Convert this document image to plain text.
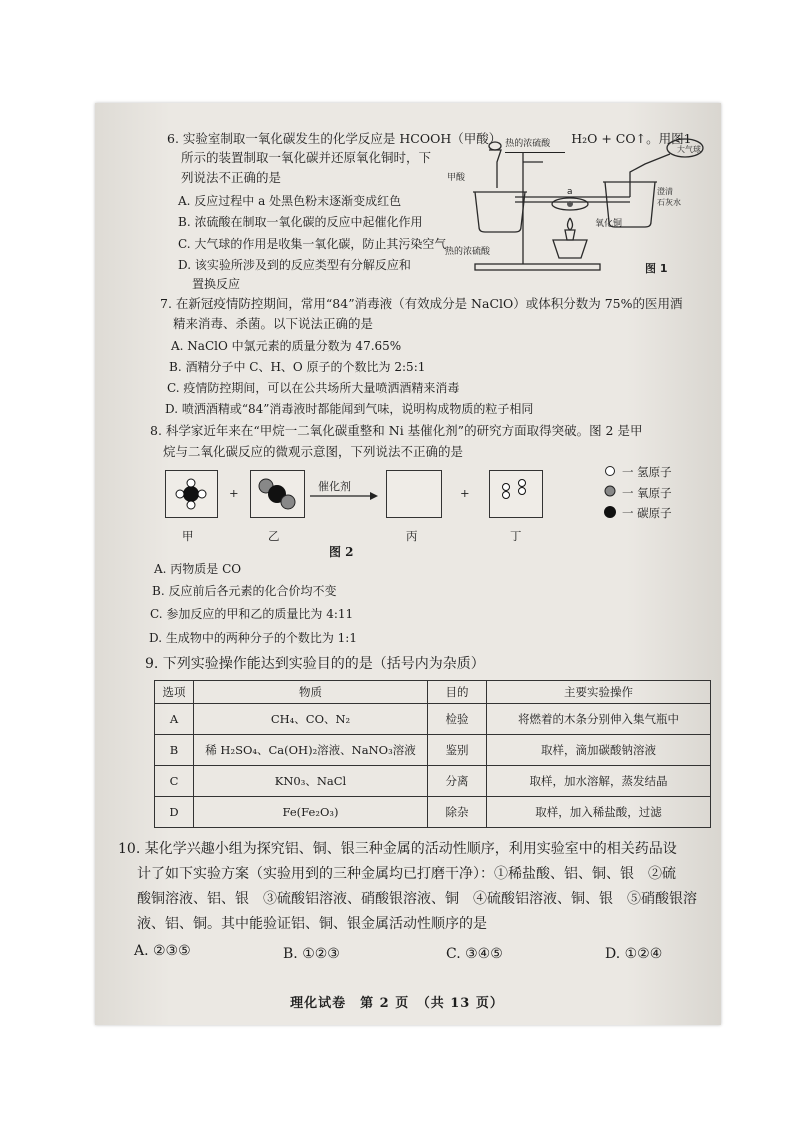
6. 实验室制取一氧化碳发生的化学反应是 HCOOH（甲酸） 热的浓硫酸 H₂O + CO↑。用图1
所示的装置制取一氧化碳并还原氧化铜时，下
列说法不正确的是
A. 反应过程中 a 处黑色粉末逐渐变成红色
B. 浓硫酸在制取一氧化碳的反应中起催化作用
C. 大气球的作用是收集一氧化碳，防止其污染空气
D. 该实验所涉及到的反应类型有分解反应和
置换反应
甲酸
大气球
澄清
石灰水
a
氧化铜
热的浓硫酸
图 1
7. 在新冠疫情防控期间，常用“84”消毒液（有效成分是 NaClO）或体积分数为 75%的医用酒
精来消毒、杀菌。以下说法正确的是
A. NaClO 中氯元素的质量分数为 47.65%
B. 酒精分子中 C、H、O 原子的个数比为 2:5:1
C. 疫情防控期间，可以在公共场所大量喷洒酒精来消毒
D. 喷洒酒精或“84”消毒液时都能闻到气味，说明构成物质的粒子相同
8. 科学家近年来在“甲烷一二氧化碳重整和 Ni 基催化剂”的研究方面取得突破。图 2 是甲
烷与二氧化碳反应的微观示意图，下列说法不正确的是
+	催化剂	+
一 氢原子
一 氧原子
一 碳原子
甲	乙	丙	丁
图 2
A. 丙物质是 CO
B. 反应前后各元素的化合价均不变
C. 参加反应的甲和乙的质量比为 4:11
D. 生成物中的两种分子的个数比为 1:1
9. 下列实验操作能达到实验目的的是（括号内为杂质）
选项	物质	目的	主要实验操作
A	CH₄、CO、N₂	检验	将燃着的木条分别伸入集气瓶中
B	稀 H₂SO₄、Ca(OH)₂溶液、NaNO₃溶液	鉴别	取样，滴加碳酸钠溶液
C	KN0₃、NaCl	分离	取样，加水溶解，蒸发结晶
D	Fe(Fe₂O₃)	除杂	取样，加入稀盐酸，过滤
10. 某化学兴趣小组为探究铝、铜、银三种金属的活动性顺序，利用实验室中的相关药品设
计了如下实验方案（实验用到的三种金属均已打磨干净）：①稀盐酸、铝、铜、银　②硫
酸铜溶液、铝、银　③硫酸铝溶液、硝酸银溶液、铜　④硫酸铝溶液、铜、银　⑤硝酸银溶
液、铝、铜。其中能验证铝、铜、银金属活动性顺序的是
A. ②③⑤	B. ①②③	C. ③④⑤	D. ①②④
理化试卷　第 2 页　（共 13 页）
